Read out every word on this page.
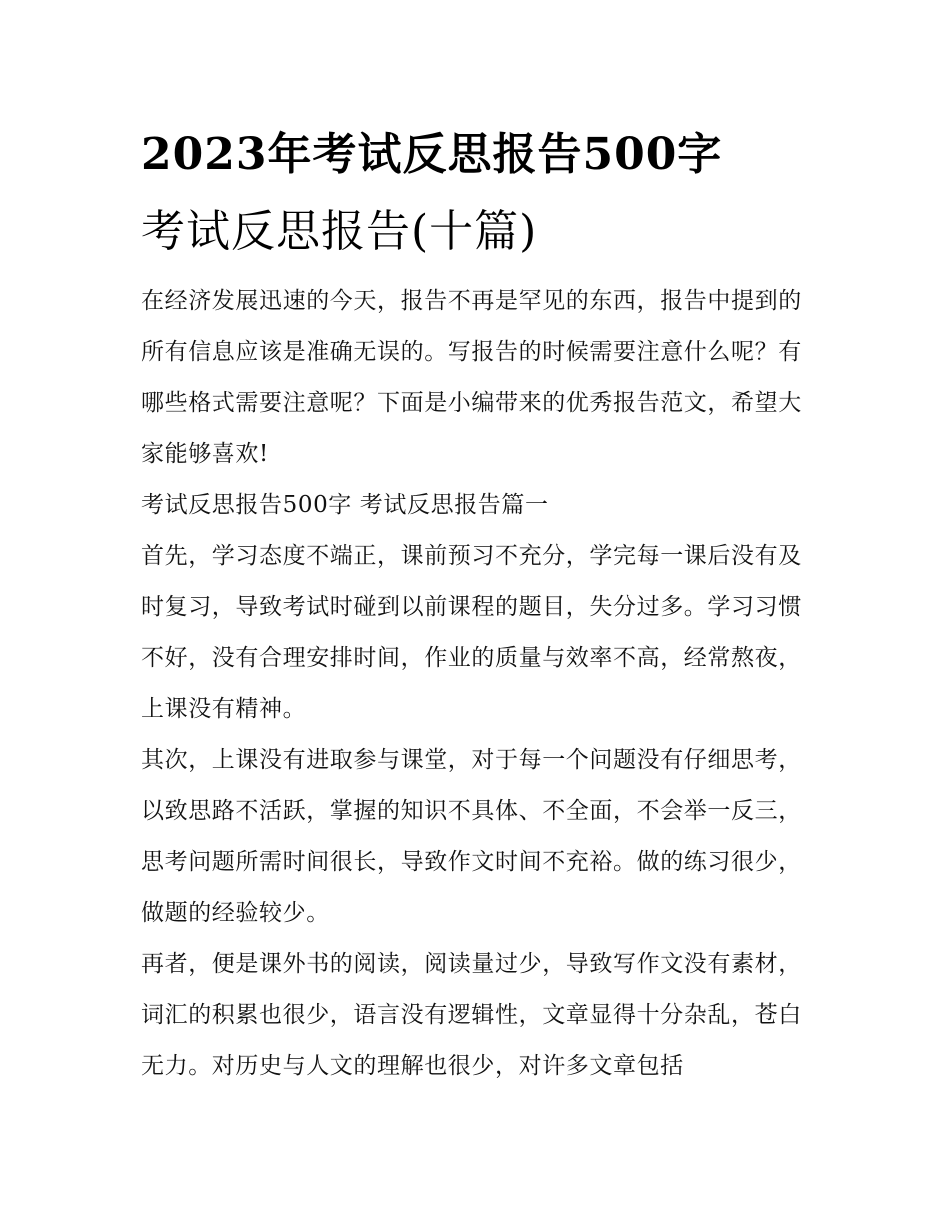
2023年考试反思报告500字
考试反思报告(十篇)

在经济发展迅速的今天，报告不再是罕见的东西，报告中提到的所有信息应该是准确无误的。写报告的时候需要注意什么呢？有哪些格式需要注意呢？下面是小编带来的优秀报告范文，希望大家能够喜欢!

考试反思报告500字 考试反思报告篇一

首先，学习态度不端正，课前预习不充分，学完每一课后没有及时复习，导致考试时碰到以前课程的题目，失分过多。学习习惯不好，没有合理安排时间，作业的质量与效率不高，经常熬夜，上课没有精神。

其次，上课没有进取参与课堂，对于每一个问题没有仔细思考，以致思路不活跃，掌握的知识不具体、不全面，不会举一反三，思考问题所需时间很长，导致作文时间不充裕。做的练习很少，做题的经验较少。

再者，便是课外书的阅读，阅读量过少，导致写作文没有素材，词汇的积累也很少，语言没有逻辑性，文章显得十分杂乱，苍白无力。对历史与人文的理解也很少，对许多文章包括
